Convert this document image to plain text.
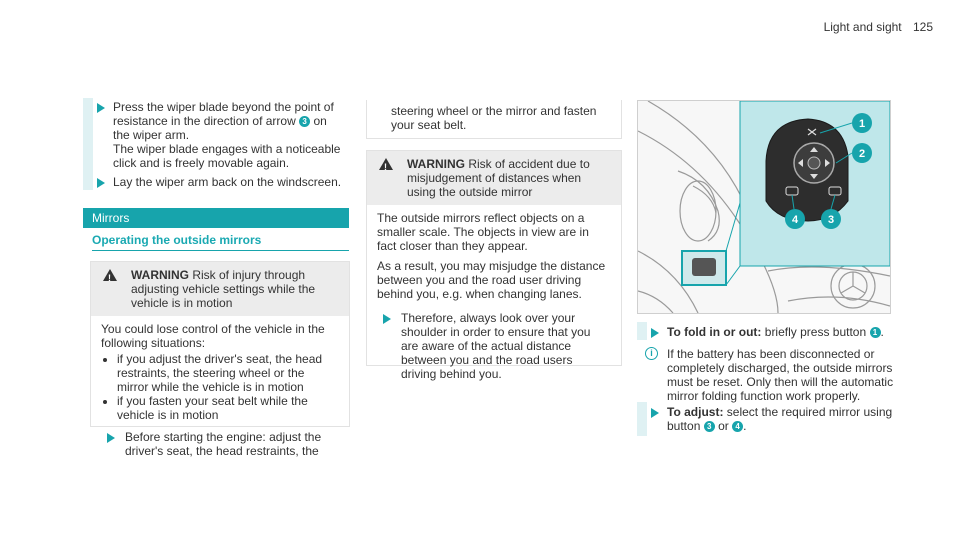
Light and sight 125
Press the wiper blade beyond the point of resistance in the direction of arrow 3 on the wiper arm.
The wiper blade engages with a noticeable click and is freely movable again.
Lay the wiper arm back on the windscreen.
Mirrors
Operating the outside mirrors
!
WARNING Risk of injury through adjusting vehicle settings while the vehicle is in motion
You could lose control of the vehicle in the following situations:
• if you adjust the driver's seat, the head restraints, the steering wheel or the mirror while the vehicle is in motion
• if you fasten your seat belt while the vehicle is in motion
Before starting the engine: adjust the driver's seat, the head restraints, the
steering wheel or the mirror and fasten your seat belt.
!
WARNING Risk of accident due to misjudgement of distances when using the outside mirror
The outside mirrors reflect objects on a smaller scale. The objects in view are in fact closer than they appear.
As a result, you may misjudge the distance between you and the road user driving behind you, e.g. when changing lanes.
Therefore, always look over your shoulder in order to ensure that you are aware of the actual distance between you and the road users driving behind you.
1
2
4	3
To fold in or out: briefly press button 1 .
i	If the battery has been disconnected or completely discharged, the outside mirrors must be reset. Only then will the automatic mirror folding function work properly.
To adjust: select the required mirror using button 3 or 4 .
